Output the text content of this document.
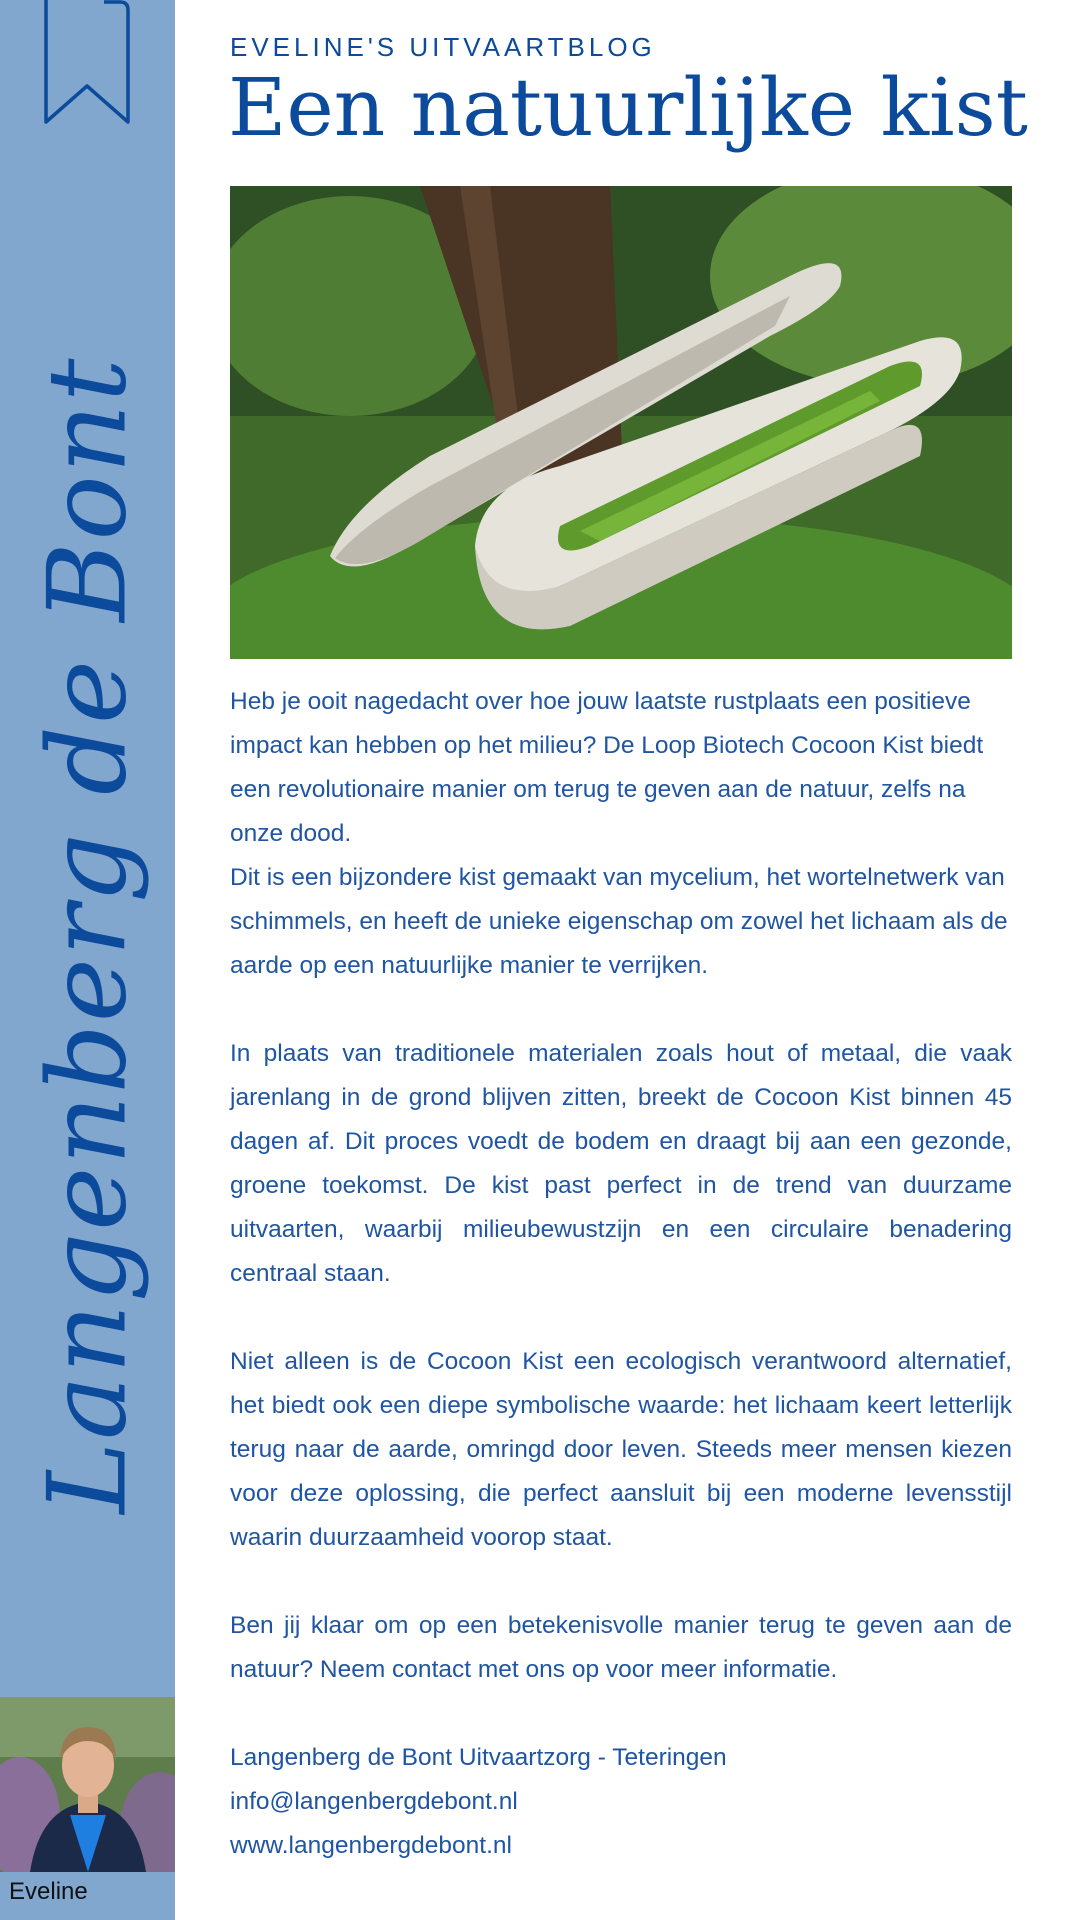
Langenberg de Bont
Eveline
EVELINE'S UITVAARTBLOG
Een natuurlijke kist

Heb je ooit nagedacht over hoe jouw laatste rustplaats een positieve impact kan hebben op het milieu? De Loop Biotech Cocoon Kist biedt een revolutionaire manier om terug te geven aan de natuur, zelfs na onze dood.

Dit is een bijzondere kist gemaakt van mycelium, het wortelnetwerk van schimmels, en heeft de unieke eigenschap om zowel het lichaam als de aarde op een natuurlijke manier te verrijken.

In plaats van traditionele materialen zoals hout of metaal, die vaak jarenlang in de grond blijven zitten, breekt de Cocoon Kist binnen 45 dagen af. Dit proces voedt de bodem en draagt bij aan een gezonde, groene toekomst. De kist past perfect in de trend van duurzame uitvaarten, waarbij milieubewustzijn en een circulaire benadering centraal staan.

Niet alleen is de Cocoon Kist een ecologisch verantwoord alternatief, het biedt ook een diepe symbolische waarde: het lichaam keert letterlijk terug naar de aarde, omringd door leven. Steeds meer mensen kiezen voor deze oplossing, die perfect aansluit bij een moderne levensstijl waarin duurzaamheid voorop staat.

Ben jij klaar om op een betekenisvolle manier terug te geven aan de natuur? Neem contact met ons op voor meer informatie.

Langenberg de Bont Uitvaartzorg - Teteringen

info@langenbergdebont.nl

www.langenbergdebont.nl
